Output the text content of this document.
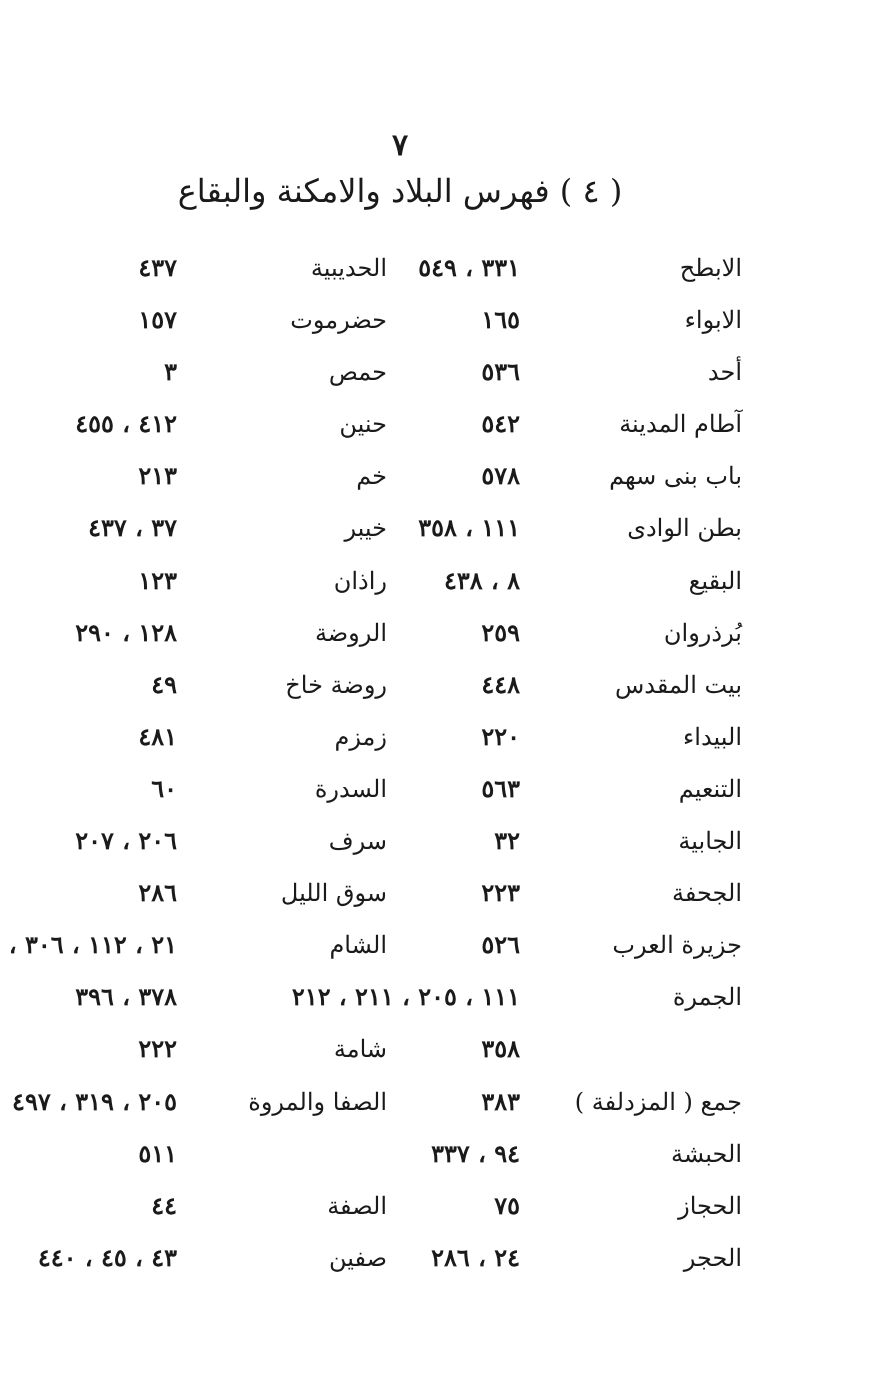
٧
( ٤ ) فهرس البلاد والامكنة والبقاع
الابطح
٣٣١ ، ٥٤٩
الحديبية
٤٣٧
الابواء
١٦٥
حضرموت
١٥٧
أحد
٥٣٦
حمص
٣
آطام المدينة
٥٤٢
حنين
٤١٢ ، ٤٥٥
باب بنى سهم
٥٧٨
خم
٢١٣
بطن الوادى
١١١ ، ٣٥٨
خيبر
٣٧ ، ٤٣٧
البقيع
٨ ، ٤٣٨
راذان
١٢٣
بُرذروان
٢٥٩
الروضة
١٢٨ ، ٢٩٠
بيت المقدس
٤٤٨
روضة خاخ
٤٩
البيداء
٢٢٠
زمزم
٤٨١
التنعيم
٥٦٣
السدرة
٦٠
الجابية
٣٢
سرف
٢٠٦ ، ٢٠٧
الجحفة
٢٢٣
سوق الليل
٢٨٦
جزيرة العرب
٥٢٦
الشام
٢١ ، ١١٢ ، ٣٠٦ ،
الجمرة
١١١ ، ٢٠٥ ، ٢١١ ، ٢١٢
٣٧٨ ، ٣٩٦
٣٥٨
شامة
٢٢٢
جمع ( المزدلفة )
٣٨٣
الصفا والمروة
٢٠٥ ، ٣١٩ ، ٤٩٧
الحبشة
٩٤ ، ٣٣٧
٥١١
الحجاز
٧٥
الصفة
٤٤
الحجر
٢٤ ، ٢٨٦
صفين
٤٣ ، ٤٥ ، ٤٤٠
